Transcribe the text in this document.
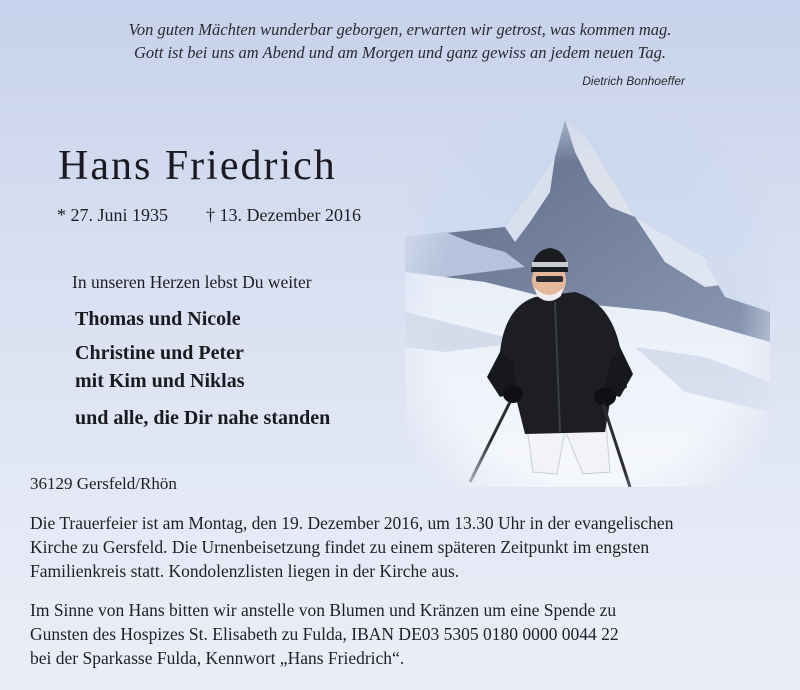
Von guten Mächten wunderbar geborgen, erwarten wir getrost, was kommen mag.
Gott ist bei uns am Abend und am Morgen und ganz gewiss an jedem neuen Tag.
Dietrich Bonhoeffer
Hans Friedrich
* 27. Juni 1935 † 13. Dezember 2016
In unseren Herzen lebst Du weiter
Thomas und Nicole
Christine und Peter
mit Kim und Niklas
und alle, die Dir nahe standen
36129 Gersfeld/Rhön
Die Trauerfeier ist am Montag, den 19. Dezember 2016, um 13.30 Uhr in der evangelischen
Kirche zu Gersfeld. Die Urnenbeisetzung findet zu einem späteren Zeitpunkt im engsten
Familienkreis statt. Kondolenzlisten liegen in der Kirche aus.
Im Sinne von Hans bitten wir anstelle von Blumen und Kränzen um eine Spende zu
Gunsten des Hospizes St. Elisabeth zu Fulda, IBAN DE03 5305 0180 0000 0044 22
bei der Sparkasse Fulda, Kennwort „Hans Friedrich“.
